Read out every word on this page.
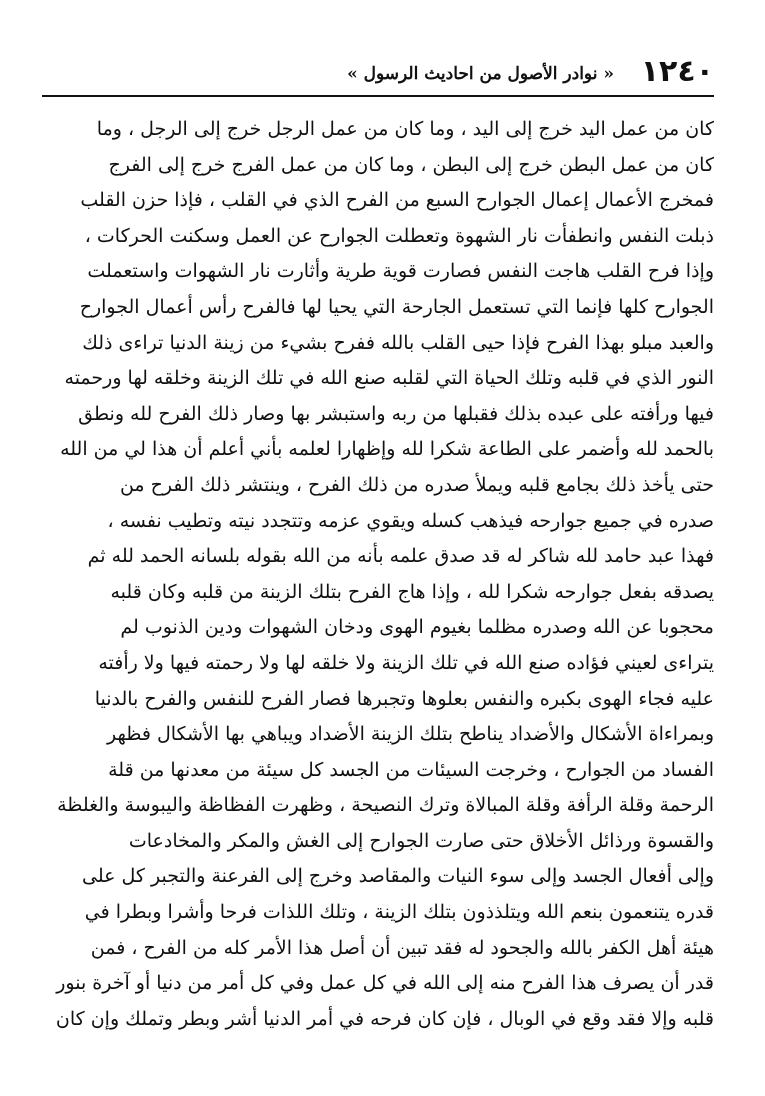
١٢٤٠
« نوادر الأصول من احاديث الرسول »
كان من عمل اليد خرج إلى اليد ، وما كان من عمل الرجل خرج إلى الرجل ، وما
كان من عمل البطن خرج إلى البطن ، وما كان من عمل الفرج خرج إلى الفرج
فمخرج الأعمال إعمال الجوارح السبع من الفرح الذي في القلب ، فإذا حزن القلب
ذبلت النفس وانطفأت نار الشهوة وتعطلت الجوارح عن العمل وسكنت الحركات ،
وإذا فرح القلب هاجت النفس فصارت قوية طرية وأثارت نار الشهوات واستعملت
الجوارح كلها فإنما التي تستعمل الجارحة التي يحيا لها فالفرح رأس أعمال الجوارح
والعبد مبلو بهذا الفرح فإذا حيى القلب بالله ففرح بشيء من زينة الدنيا تراءى ذلك
النور الذي في قلبه وتلك الحياة التي لقلبه صنع الله في تلك الزينة وخلقه لها ورحمته
فيها ورأفته على عبده بذلك فقبلها من ربه واستبشر بها وصار ذلك الفرح لله ونطق
بالحمد لله وأضمر على الطاعة شكرا لله وإظهارا لعلمه بأني أعلم أن هذا لي من الله
حتى يأخذ ذلك بجامع قلبه ويملأ صدره من ذلك الفرح ، وينتشر ذلك الفرح من
صدره في جميع جوارحه فيذهب كسله ويقوي عزمه وتتجدد نيته وتطيب نفسه ،
فهذا عبد حامد لله شاكر له قد صدق علمه بأنه من الله بقوله بلسانه الحمد لله ثم
يصدقه بفعل جوارحه شكرا لله ، وإذا هاج الفرح بتلك الزينة من قلبه وكان قلبه
محجوبا عن الله وصدره مظلما بغيوم الهوى ودخان الشهوات ودين الذنوب لم
يتراءى لعيني فؤاده صنع الله في تلك الزينة ولا خلقه لها ولا رحمته فيها ولا رأفته
عليه فجاء الهوى بكبره والنفس بعلوها وتجبرها فصار الفرح للنفس والفرح بالدنيا
وبمراءاة الأشكال والأضداد يناطح بتلك الزينة الأضداد ويباهي بها الأشكال فظهر
الفساد من الجوارح ، وخرجت السيئات من الجسد كل سيئة من معدنها من قلة
الرحمة وقلة الرأفة وقلة المبالاة وترك النصيحة ، وظهرت الفظاظة واليبوسة والغلظة
والقسوة ورذائل الأخلاق حتى صارت الجوارح إلى الغش والمكر والمخادعات
وإلى أفعال الجسد وإلى سوء النيات والمقاصد وخرج إلى الفرعنة والتجبر كل على
قدره يتنعمون بنعم الله ويتلذذون بتلك الزينة ، وتلك اللذات فرحا وأشرا وبطرا في
هيئة أهل الكفر بالله والجحود له فقد تبين أن أصل هذا الأمر كله من الفرح ، فمن
قدر أن يصرف هذا الفرح منه إلى الله في كل عمل وفي كل أمر من دنيا أو آخرة بنور
قلبه وإلا فقد وقع في الوبال ، فإن كان فرحه في أمر الدنيا أشر وبطر وتملك وإن كان
